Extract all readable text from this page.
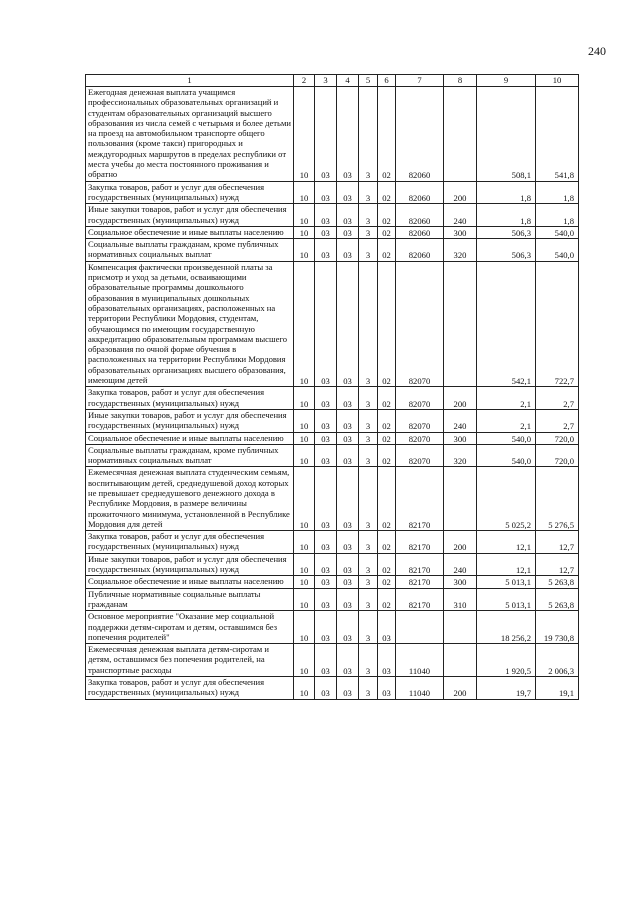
240
1	2	3	4	5	6	7	8	9	10
Ежегодная денежная выплата учащимся профессиональных образовательных организаций и студентам образовательных организаций высшего образования из числа семей с четырьмя и более детьми на проезд на автомобильном транспорте общего пользования (кроме такси) пригородных и междугородных маршрутов в пределах республики от места учебы до места постоянного проживания и обратно	10	03	03	3	02	82060		508,1	541,8
Закупка товаров, работ и услуг для обеспечения государственных (муниципальных) нужд	10	03	03	3	02	82060	200	1,8	1,8
Иные закупки товаров, работ и услуг для обеспечения государственных (муниципальных) нужд	10	03	03	3	02	82060	240	1,8	1,8
Социальное обеспечение и иные выплаты населению	10	03	03	3	02	82060	300	506,3	540,0
Социальные выплаты гражданам, кроме публичных нормативных социальных выплат	10	03	03	3	02	82060	320	506,3	540,0
Компенсация фактически произведенной платы за присмотр и уход за детьми, осваивающими образовательные программы дошкольного образования в муниципальных дошкольных образовательных организациях, расположенных на территории Республики Мордовия, студентам, обучающимся по имеющим государственную аккредитацию образовательным программам высшего образования по очной форме обучения в расположенных на территории Республики Мордовия образовательных организациях высшего образования, имеющим детей	10	03	03	3	02	82070		542,1	722,7
Закупка товаров, работ и услуг для обеспечения государственных (муниципальных) нужд	10	03	03	3	02	82070	200	2,1	2,7
Иные закупки товаров, работ и услуг для обеспечения государственных (муниципальных) нужд	10	03	03	3	02	82070	240	2,1	2,7
Социальное обеспечение и иные выплаты населению	10	03	03	3	02	82070	300	540,0	720,0
Социальные выплаты гражданам, кроме публичных нормативных социальных выплат	10	03	03	3	02	82070	320	540,0	720,0
Ежемесячная денежная выплата студенческим семьям, воспитывающим детей, среднедушевой доход которых не превышает среднедушевого денежного дохода в Республике Мордовия, в размере величины прожиточного минимума, установленной в Республике Мордовия для детей	10	03	03	3	02	82170		5 025,2	5 276,5
Закупка товаров, работ и услуг для обеспечения государственных (муниципальных) нужд	10	03	03	3	02	82170	200	12,1	12,7
Иные закупки товаров, работ и услуг для обеспечения государственных (муниципальных) нужд	10	03	03	3	02	82170	240	12,1	12,7
Социальное обеспечение и иные выплаты населению	10	03	03	3	02	82170	300	5 013,1	5 263,8
Публичные нормативные социальные выплаты гражданам	10	03	03	3	02	82170	310	5 013,1	5 263,8
Основное мероприятие "Оказание мер социальной поддержки детям-сиротам и детям, оставшимся без попечения родителей"	10	03	03	3	03			18 256,2	19 730,8
Ежемесячная денежная выплата детям-сиротам и детям, оставшимся без попечения родителей, на транспортные расходы	10	03	03	3	03	11040		1 920,5	2 006,3
Закупка товаров, работ и услуг для обеспечения государственных (муниципальных) нужд	10	03	03	3	03	11040	200	19,7	19,1
